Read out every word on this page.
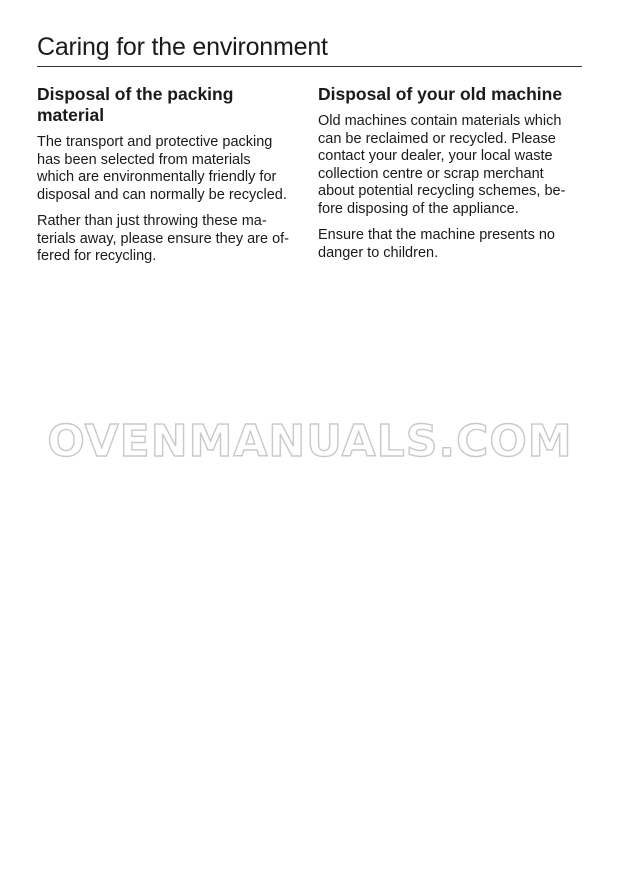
Caring for the environment
Disposal of the packing
material

The transport and protective packing
has been selected from materials
which are environmentally friendly for
disposal and can normally be recycled.

Rather than just throwing these ma-
terials away, please ensure they are of-
fered for recycling.

Disposal of your old machine

Old machines contain materials which
can be reclaimed or recycled. Please
contact your dealer, your local waste
collection centre or scrap merchant
about potential recycling schemes, be-
fore disposing of the appliance.

Ensure that the machine presents no
danger to children.

OVENMANUALS.COM
